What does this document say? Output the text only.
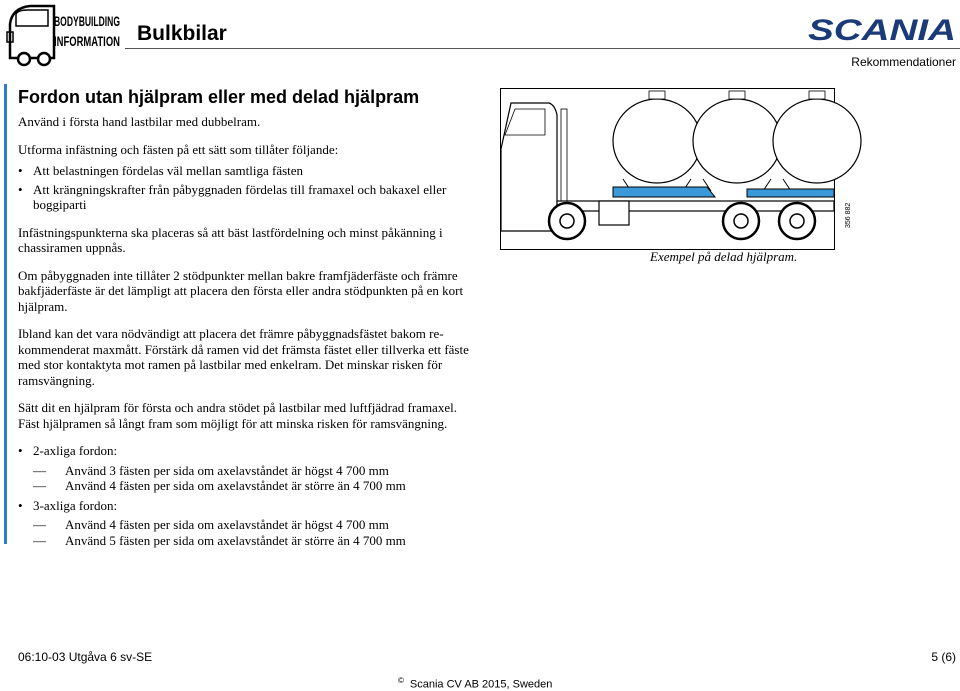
BODYBUILDING
INFORMATION Bulkbilar	SCANIA
Rekommendationer
Fordon utan hjälpram eller med delad hjälpram

Använd i första hand lastbilar med dubbelram.

Utforma infästning och fästen på ett sätt som tillåter följande:

• Att belastningen fördelas väl mellan samtliga fästen
• Att krängningskrafter från påbyggnaden fördelas till framaxel och bakaxel eller boggiparti

Infästningspunkterna ska placeras så att bäst lastfördelning och minst påkänning i chassiramen uppnås.

Om påbyggnaden inte tillåter 2 stödpunkter mellan bakre framfjäderfäste och främre bakfjäderfäste är det lämpligt att placera den första eller andra stödpunkten på en kort hjälpram.

Ibland kan det vara nödvändigt att placera det främre påbyggnadsfästet bakom re-kommenderat maxmått. Förstärk då ramen vid det främsta fästet eller tillverka ett fäste med stor kontaktyta mot ramen på lastbilar med enkelram. Det minskar risken för ramsvängning.

Sätt dit en hjälpram för första och andra stödet på lastbilar med luftfjädrad framaxel. Fäst hjälpramen så långt fram som möjligt för att minska risken för ramsvängning.

• 2-axliga fordon:
— Använd 3 fästen per sida om axelavståndet är högst 4 700 mm
— Använd 4 fästen per sida om axelavståndet är större än 4 700 mm
• 3-axliga fordon:
— Använd 4 fästen per sida om axelavståndet är högst 4 700 mm
— Använd 5 fästen per sida om axelavståndet är större än 4 700 mm
356 882
Exempel på delad hjälpram.
06:10-03 Utgåva 6 sv-SE	5 (6)
© Scania CV AB 2015, Sweden
